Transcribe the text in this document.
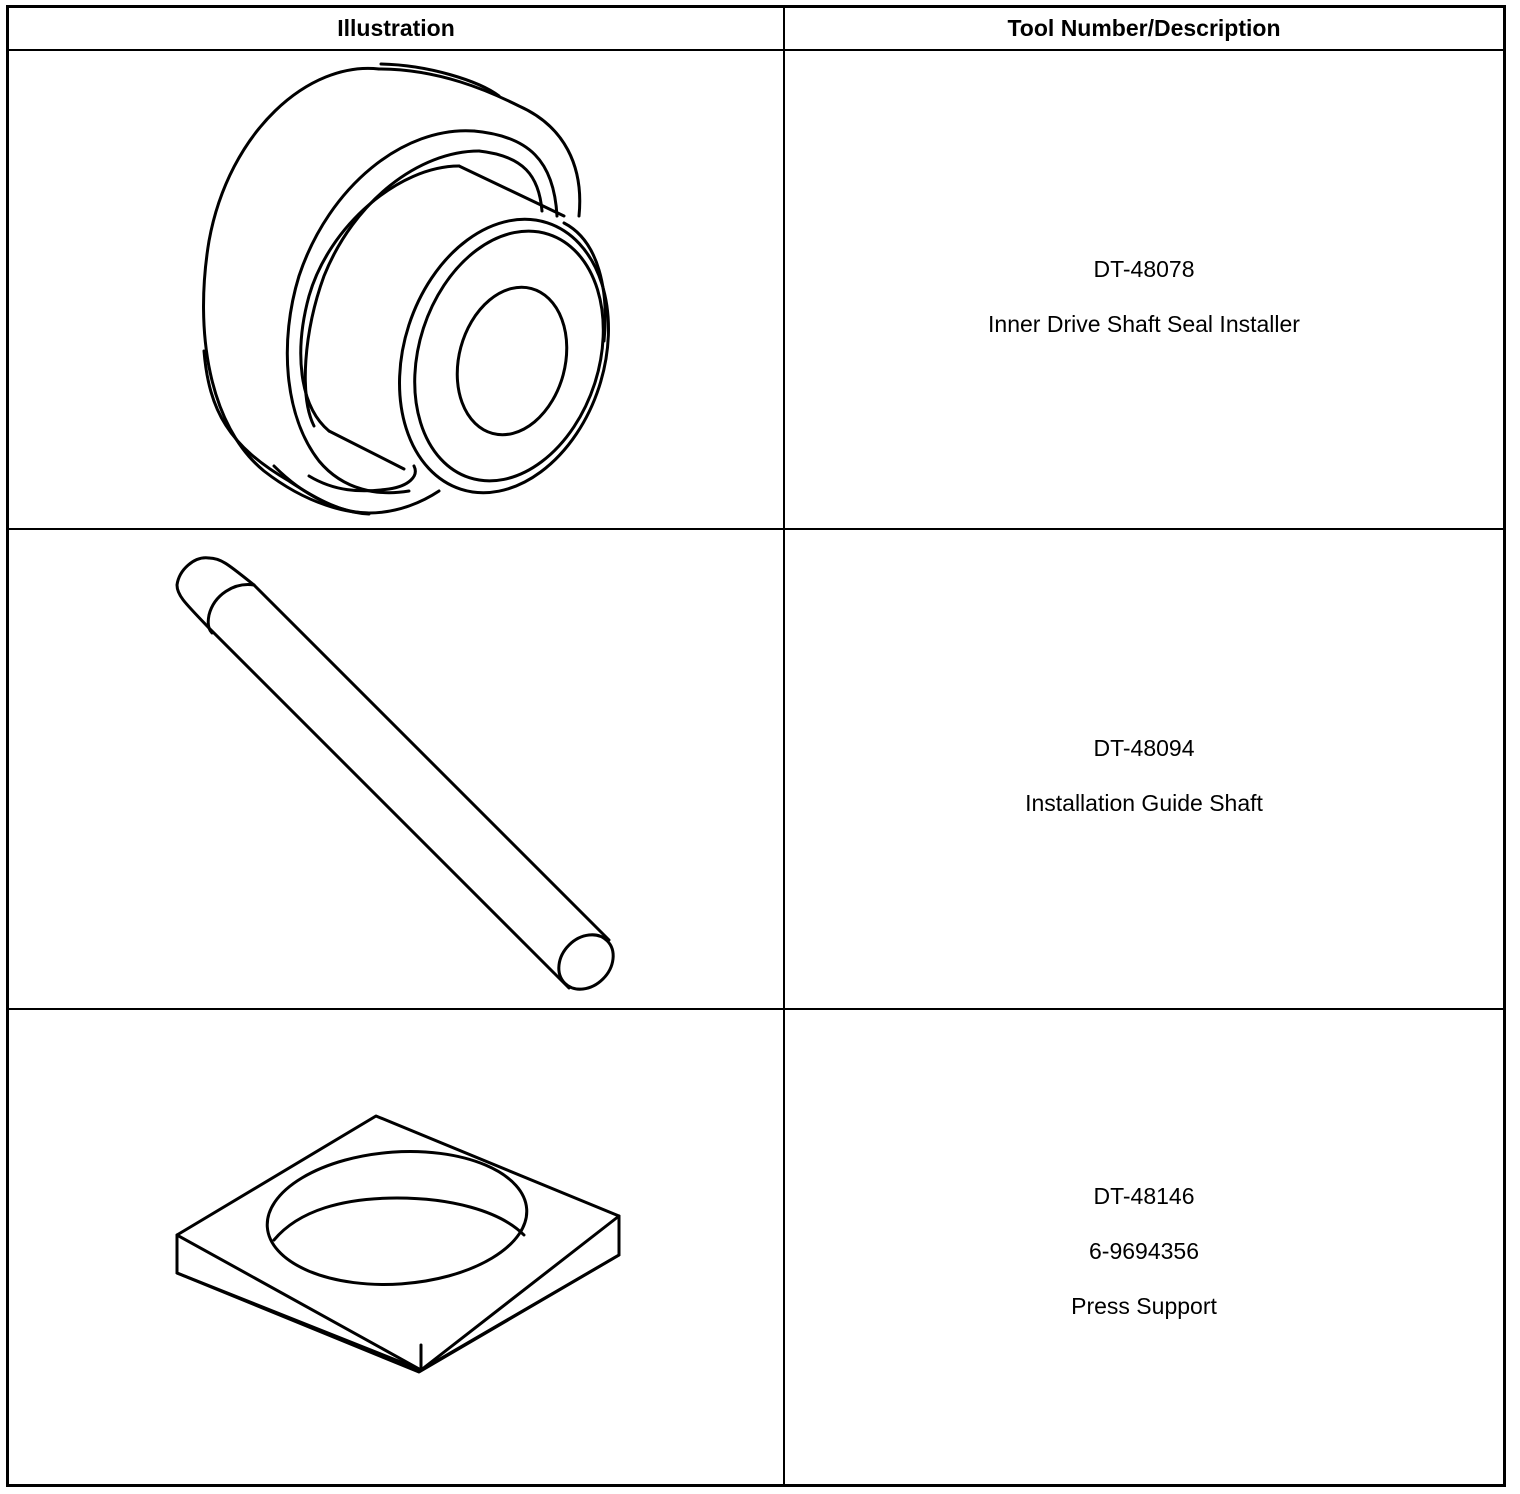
Illustration	Tool Number/Description
DT-48078
Inner Drive Shaft Seal Installer
DT-48094
Installation Guide Shaft
DT-48146
6-9694356
Press Support
